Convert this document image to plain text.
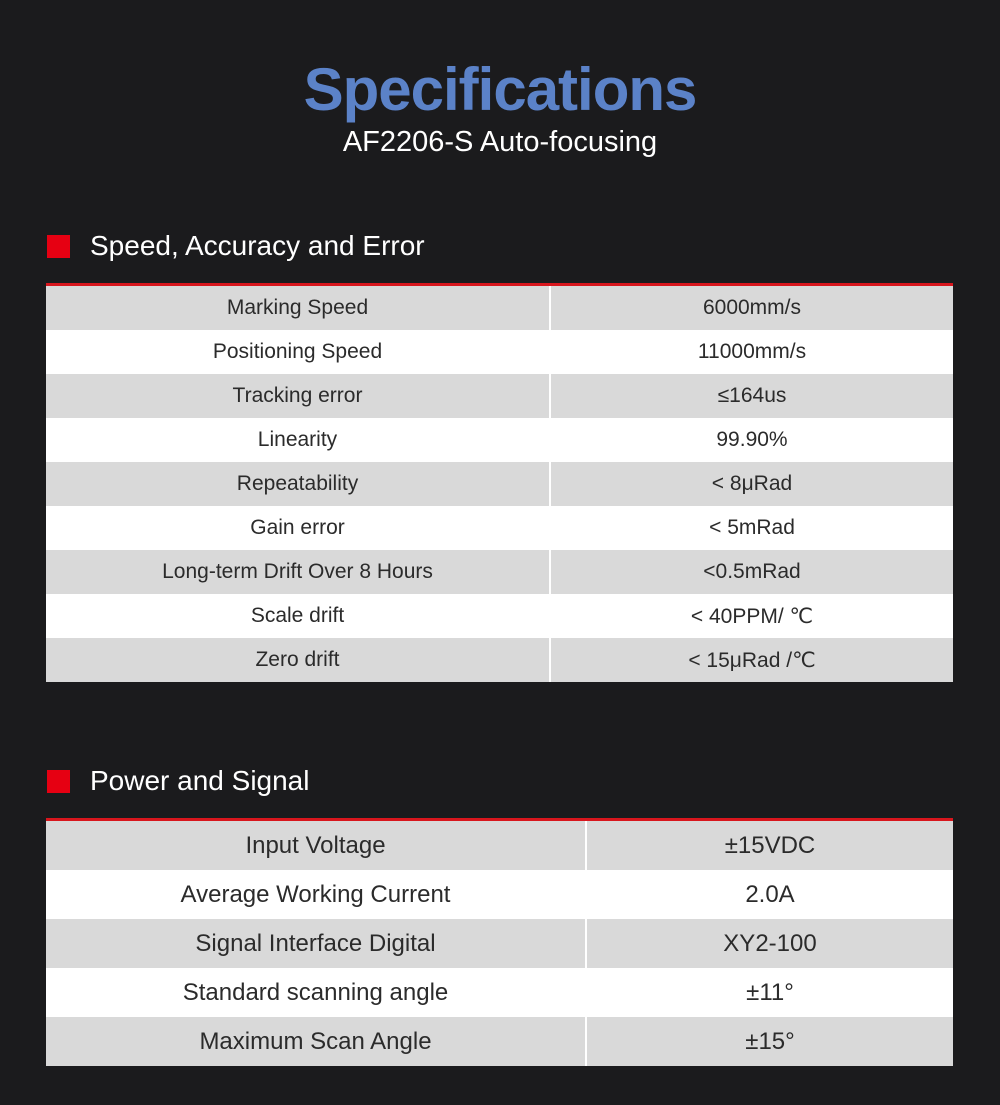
Specifications
AF2206-S Auto-focusing
Speed, Accuracy and Error
Marking Speed	6000mm/s
Positioning Speed	11000mm/s
Tracking error	≤164us
Linearity	99.90%
Repeatability	< 8μRad
Gain error	< 5mRad
Long-term Drift Over 8 Hours	<0.5mRad
Scale drift	< 40PPM/ ℃
Zero drift	< 15μRad /℃
Power and Signal
Input Voltage	±15VDC
Average Working Current	2.0A
Signal Interface Digital	XY2-100
Standard scanning angle	±11°
Maximum Scan Angle	±15°
